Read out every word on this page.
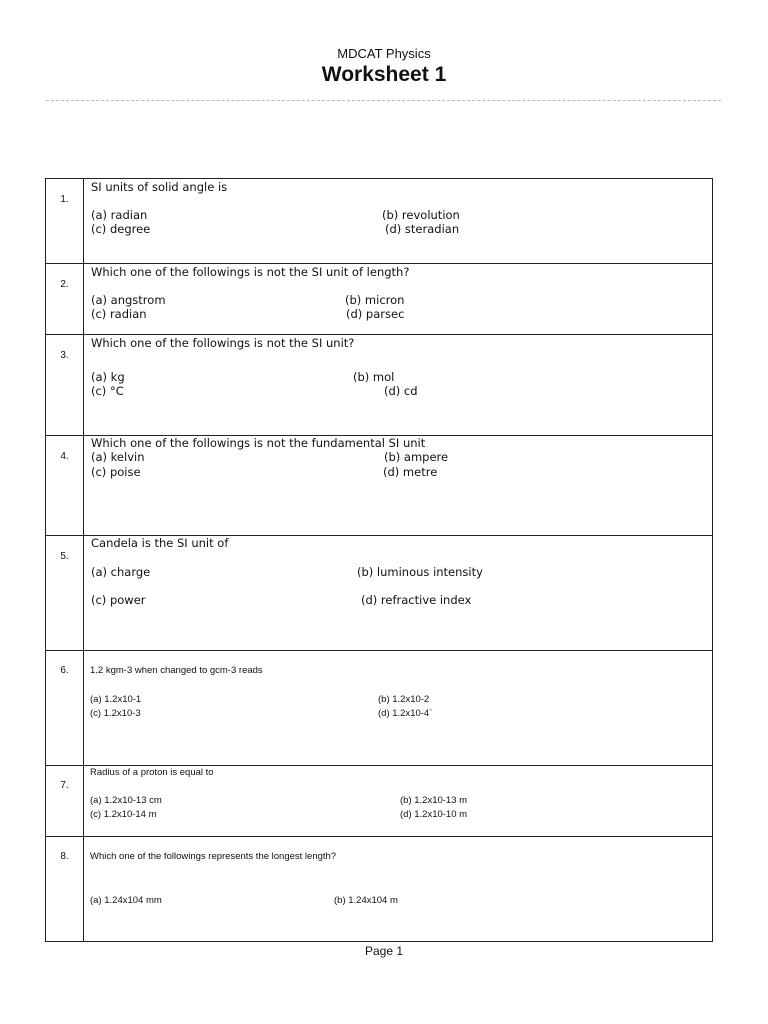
MDCAT Physics
Worksheet 1
1.	SI units of solid angle is
(a) radian (b) revolution
(c) degree (d) steradian

2.	Which one of the followings is not the SI unit of length?
(a) angstrom (b) micron
(c) radian (d) parsec

3.	Which one of the followings is not the SI unit?
(a) kg (b) mol
(c) °C (d) cd

4.	Which one of the followings is not the fundamental SI unit
(a) kelvin (b) ampere
(c) poise (d) metre

5.	Candela is the SI unit of
(a) charge (b) luminous intensity
(c) power (d) refractive index

6.	1.2 kgm-3 when changed to gcm-3 reads
(a) 1.2x10-1 (b) 1.2x10-2
(c) 1.2x10-3 (d) 1.2x10-4`

7.	Radius of a proton is equal to
(a) 1.2x10-13 cm (b) 1.2x10-13 m
(c) 1.2x10-14 m (d) 1.2x10-10 m

8.	Which one of the followings represents the longest length?
(a) 1.24x104 mm (b) 1.24x104 m
Page 1
